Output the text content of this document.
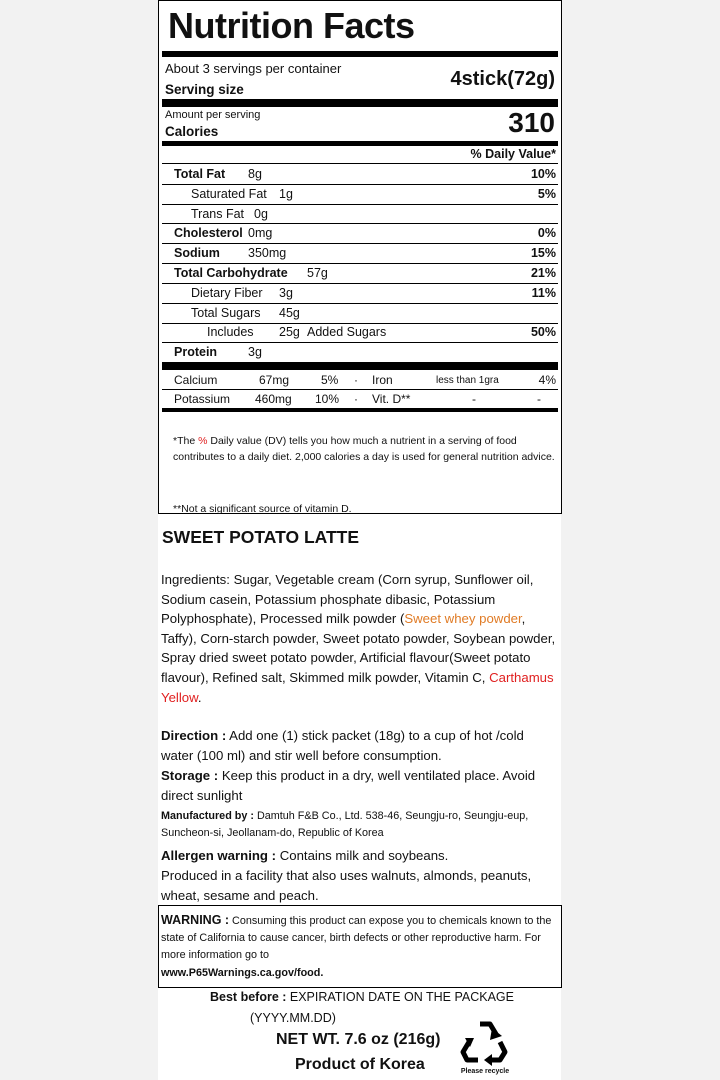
Nutrition Facts
About 3 servings per container
Serving size	4stick(72g)
Amount per serving
Calories	310
% Daily Value*
Total Fat 8g	10%
Saturated Fat 1g	5%
Trans Fat 0g
Cholesterol 0mg	0%
Sodium 350mg	15%
Total Carbohydrate 57g	21%
Dietary Fiber 3g	11%
Total Sugars 45g
Includes 25g Added Sugars	50%
Protein 3g
Calcium	67mg	5% · Iron	less than 1gra	4%
Potassium 460mg 10% · Vit. D**	-	-
*The % Daily value (DV) tells you how much a nutrient in a serving of food contributes to a daily diet. 2,000 calories a day is used for general nutrition advice.
**Not a significant source of vitamin D.
SWEET POTATO LATTE
Ingredients: Sugar, Vegetable cream (Corn syrup, Sunflower oil, Sodium casein, Potassium phosphate dibasic, Potassium Polyphosphate), Processed milk powder (Sweet whey powder, Taffy), Corn-starch powder, Sweet potato powder, Soybean powder, Spray dried sweet potato powder, Artificial flavour(Sweet potato flavour), Refined salt, Skimmed milk powder, Vitamin C, Carthamus Yellow.
Direction : Add one (1) stick packet (18g) to a cup of hot /cold water (100 ml) and stir well before consumption.
Storage : Keep this product in a dry, well ventilated place. Avoid direct sunlight
Manufactured by : Damtuh F&B Co., Ltd. 538-46, Seungju-ro, Seungju-eup, Suncheon-si, Jeollanam-do, Republic of Korea
Allergen warning : Contains milk and soybeans.
Produced in a facility that also uses walnuts, almonds, peanuts, wheat, sesame and peach.
WARNING : Consuming this product can expose you to chemicals known to the state of California to cause cancer, birth defects or other reproductive harm. For more information go to
www.P65Warnings.ca.gov/food.
Best before : EXPIRATION DATE ON THE PACKAGE
(YYYY.MM.DD)
NET WT. 7.6 oz (216g)
Product of Korea	Please recycle
